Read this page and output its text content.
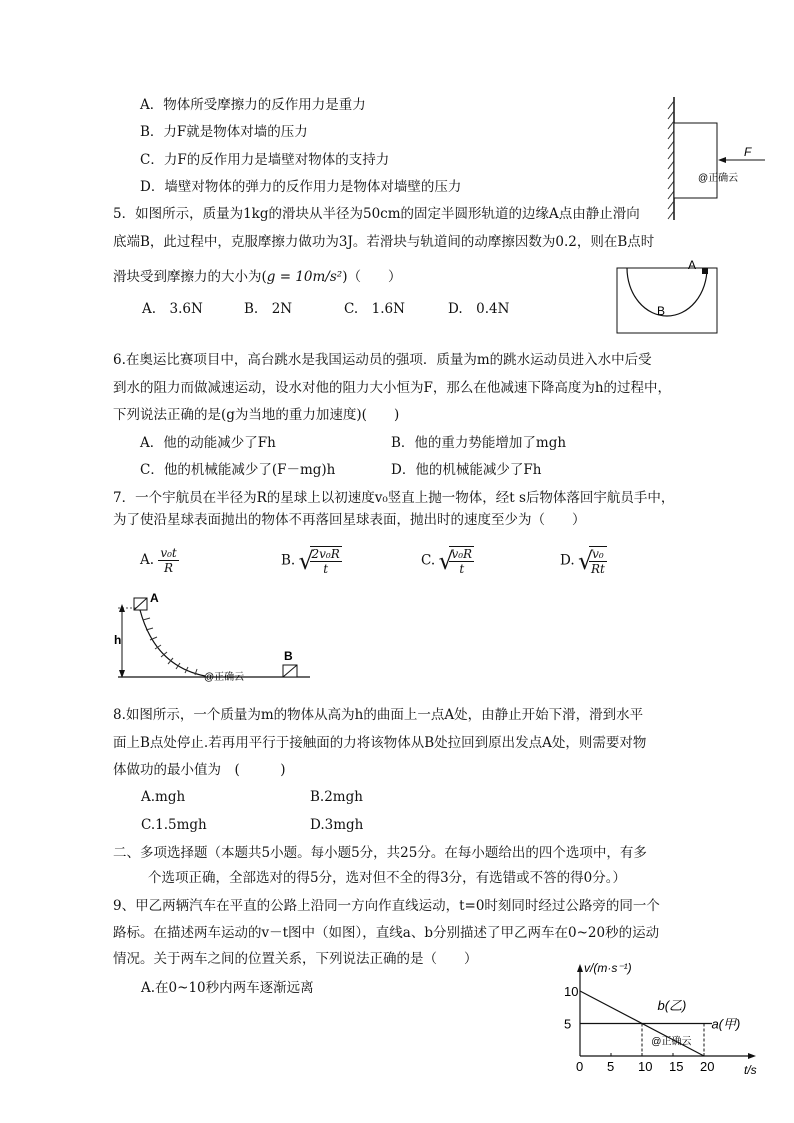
A．物体所受摩擦力的反作用力是重力
B．力F就是物体对墙的压力
C．力F的反作用力是墙壁对物体的支持力
D．墙壁对物体的弹力的反作用力是物体对墙壁的压力
F
@正确云
5．如图所示，质量为1kg的滑块从半径为50cm的固定半圆形轨道的边缘A点由静止滑向
底端B，此过程中，克服摩擦力做功为3J。若滑块与轨道间的动摩擦因数为0.2，则在B点时
滑块受到摩擦力的大小为(g = 10m/s²)（　　）
A.　3.6N	B.　2N	C.　1.6N	D.　0.4N
A
B
6.在奥运比赛项目中，高台跳水是我国运动员的强项．质量为m的跳水运动员进入水中后受
到水的阻力而做减速运动，设水对他的阻力大小恒为F，那么在他减速下降高度为h的过程中，
下列说法正确的是(g为当地的重力加速度)(　　)
A．他的动能减少了Fh	B．他的重力势能增加了mgh
C．他的机械能减少了(F－mg)h	D．他的机械能减少了Fh
7．一个宇航员在半径为R的星球上以初速度v₀竖直上抛一物体，经t s后物体落回宇航员手中，
为了使沿星球表面抛出的物体不再落回星球表面，抛出时的速度至少为（　　）
A. $\frac{\text{v₀t}}{R}$	B. √ $\frac{\text{2v₀R}}{t}$	C. √ $\frac{\text{v₀R}}{t}$	D. √ $\frac{\text{v₀}}{Rt}$
A
h
B
@正确云
8.如图所示，一个质量为m的物体从高为h的曲面上一点A处，由静止开始下滑，滑到水平
面上B点处停止.若再用平行于接触面的力将该物体从B处拉回到原出发点A处，则需要对物
体做功的最小值为　(　　　)
A.mgh	B.2mgh
C.1.5mgh	D.3mgh
二、多项选择题（本题共5小题。每小题5分，共25分。在每小题给出的四个选项中，有多
个选项正确，全部选对的得5分，选对但不全的得3分，有选错或不答的得0分。）
9、甲乙两辆汽车在平直的公路上沿同一方向作直线运动，t=0时刻同时经过公路旁的同一个
路标。在描述两车运动的v－t图中（如图），直线a、b分别描述了甲乙两车在0~20秒的运动
情况。关于两车之间的位置关系，下列说法正确的是（　　）
A.在0~10秒内两车逐渐远离
v/(m·s⁻¹)
t/s
0 5 10 15 20
5
10
b(乙)
a(甲)
@正确云
